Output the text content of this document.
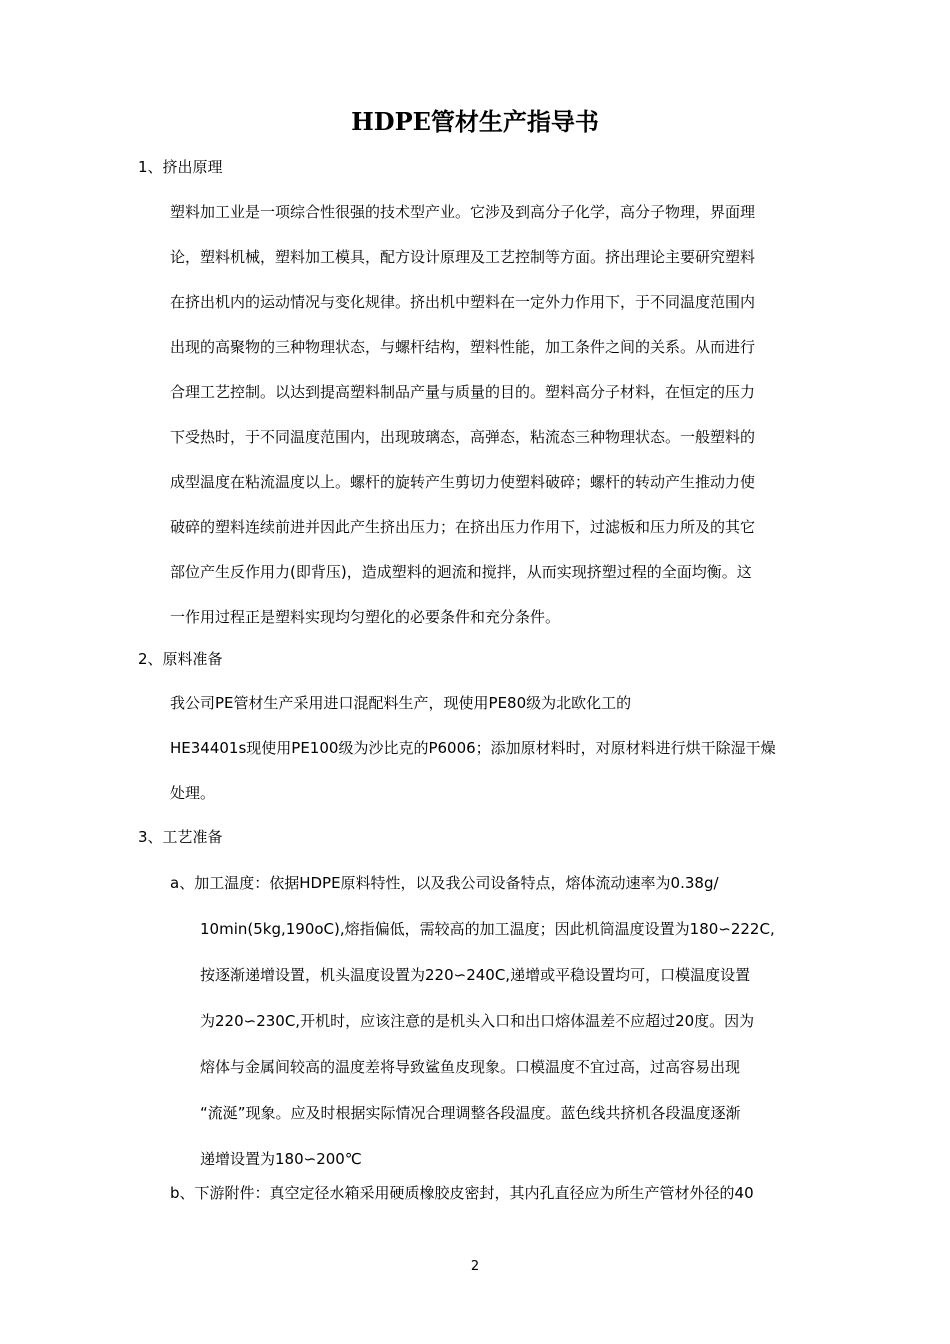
HDPE管材生产指导书
1、挤出原理
塑料加工业是一项综合性很强的技术型产业。它涉及到高分子化学，高分子物理，界面理
论，塑料机械，塑料加工模具，配方设计原理及工艺控制等方面。挤出理论主要研究塑料
在挤出机内的运动情况与变化规律。挤出机中塑料在一定外力作用下，于不同温度范围内
出现的高聚物的三种物理状态，与螺杆结构，塑料性能，加工条件之间的关系。从而进行
合理工艺控制。以达到提高塑料制品产量与质量的目的。塑料高分子材料，在恒定的压力
下受热时，于不同温度范围内，出现玻璃态，高弹态，粘流态三种物理状态。一般塑料的
成型温度在粘流温度以上。螺杆的旋转产生剪切力使塑料破碎；螺杆的转动产生推动力使
破碎的塑料连续前进并因此产生挤出压力；在挤出压力作用下，过滤板和压力所及的其它
部位产生反作用力(即背压)，造成塑料的迴流和搅拌，从而实现挤塑过程的全面均衡。这
一作用过程正是塑料实现均匀塑化的必要条件和充分条件。
2、原料准备
我公司PE管材生产采用进口混配料生产，现使用PE80级为北欧化工的
HE34401s现使用PE100级为沙比克的P6006；添加原材料时，对原材料进行烘干除湿干燥
处理。
3、工艺准备
a、加工温度：依据HDPE原料特性，以及我公司设备特点，熔体流动速率为0.38g/
10min(5kg,190oC),熔指偏低，需较高的加工温度；因此机筒温度设置为180∽222C,
按逐渐递增设置，机头温度设置为220∽240C,递增或平稳设置均可，口模温度设置
为220∽230C,开机时，应该注意的是机头入口和出口熔体温差不应超过20度。因为
熔体与金属间较高的温度差将导致鲨鱼皮现象。口模温度不宜过高，过高容易出现
“流涎”现象。应及时根据实际情况合理调整各段温度。蓝色线共挤机各段温度逐渐
递增设置为180∽200℃
b、下游附件：真空定径水箱采用硬质橡胶皮密封，其内孔直径应为所生产管材外径的40
2
